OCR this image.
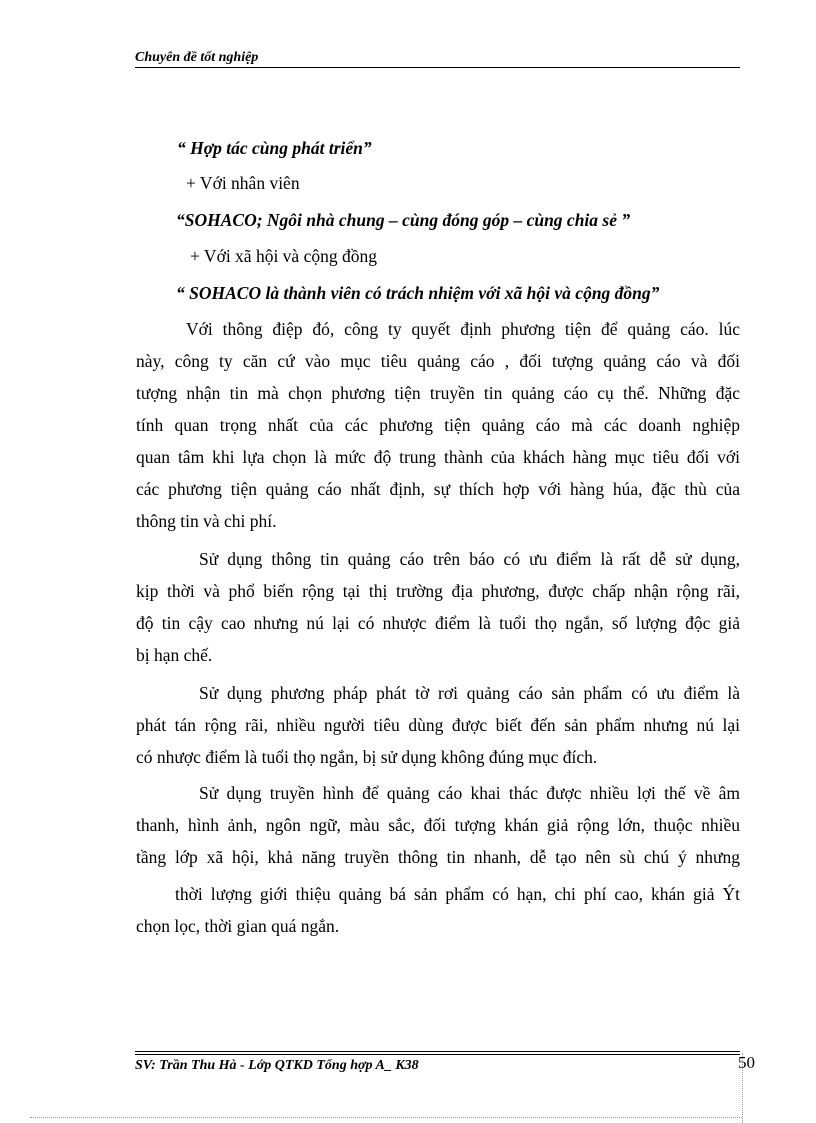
Chuyên đề tốt nghiệp
“ Hợp tác cùng phát triển”
+ Với nhân viên
“SOHACO; Ngôi nhà chung – cùng đóng góp – cùng chia sẻ ”
+ Với xã hội và cộng đồng
“ SOHACO là thành viên có trách nhiệm với xã hội và cộng đồng”
Với thông điệp đó, công ty quyết định phương tiện để quảng cáo. lúc
này, công ty căn cứ vào mục tiêu quảng cáo , đối tượng quảng cáo và đối
tượng nhận tin mà chọn phương tiện truyền tin quảng cáo cụ thể. Những đặc
tính quan trọng nhất của các phương tiện quảng cáo mà các doanh nghiệp
quan tâm khi lựa chọn là mức độ trung thành của khách hàng mục tiêu đối với
các phương tiện quảng cáo nhất định, sự thích hợp với hàng húa, đặc thù của
thông tin và chi phí.
Sử dụng thông tin quảng cáo trên báo có ưu điểm là rất dễ sử dụng,
kịp thời và phổ biến rộng tại thị trường địa phương, được chấp nhận rộng rãi,
độ tin cậy cao nhưng nú lại có nhược điểm là tuổi thọ ngắn, số lượng độc giả
bị hạn chế.
Sử dụng phương pháp phát tờ rơi quảng cáo sản phẩm có ưu điểm là
phát tán rộng rãi, nhiều người tiêu dùng được biết đến sản phẩm nhưng nú lại
có nhược điểm là tuổi thọ ngắn, bị sử dụng không đúng mục đích.
Sử dụng truyền hình để quảng cáo khai thác được nhiều lợi thế về âm
thanh, hình ảnh, ngôn ngữ, màu sắc, đối tượng khán giả rộng lớn, thuộc nhiều
tầng lớp xã hội, khả năng truyền thông tin nhanh, dễ tạo nên sù chú ý nhưng
thời lượng giới thiệu quảng bá sản phẩm có hạn, chi phí cao, khán giả Ýt
chọn lọc, thời gian quá ngắn.
SV: Trần Thu Hà - Lớp QTKD Tổng hợp A_ K38	50
